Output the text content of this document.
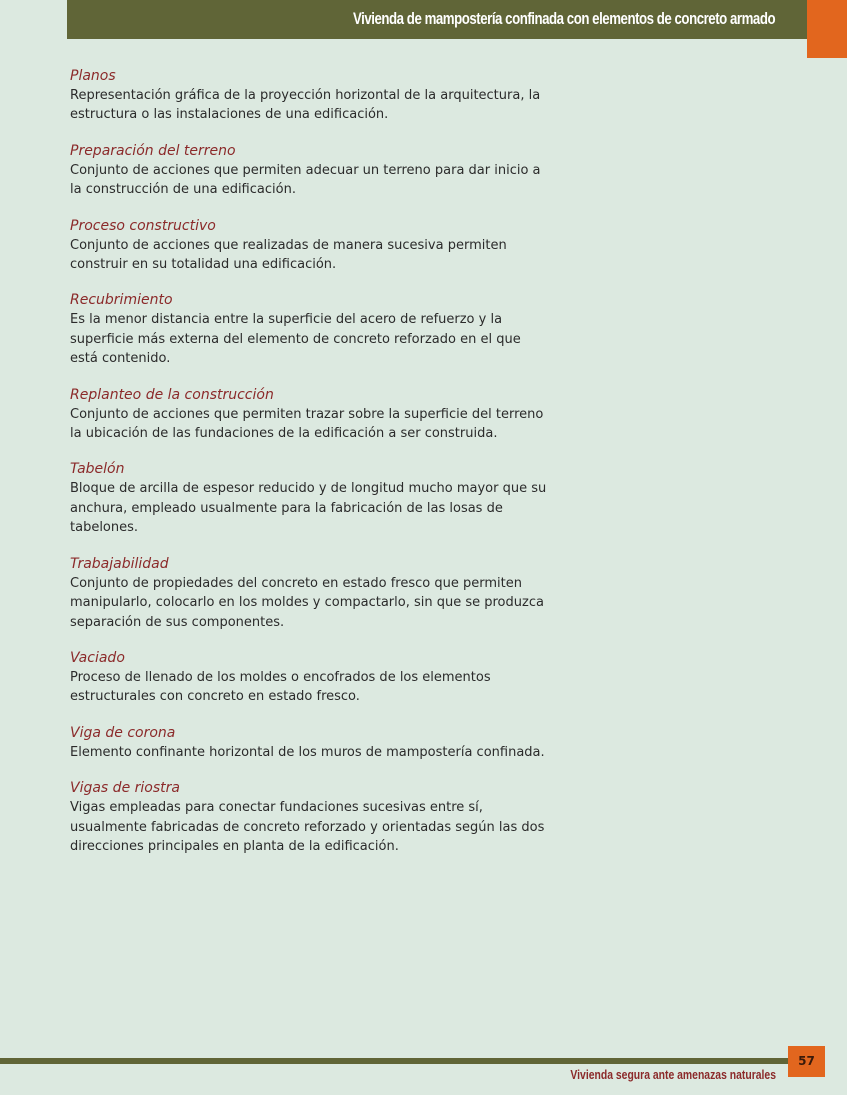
Vivienda de mampostería confinada con elementos de concreto armado

Planos

Representación gráfica de la proyección horizontal de la arquitectura, la estructura o las instalaciones de una edificación.

Preparación del terreno

Conjunto de acciones que permiten adecuar un terreno para dar inicio a la construcción de una edificación.

Proceso constructivo

Conjunto de acciones que realizadas de manera sucesiva permiten construir en su totalidad una edificación.

Recubrimiento

Es la menor distancia entre la superficie del acero de refuerzo y la superficie más externa del elemento de concreto reforzado en el que está contenido.

Replanteo de la construcción

Conjunto de acciones que permiten trazar sobre la superficie del terreno la ubicación de las fundaciones de la edificación a ser construida.

Tabelón

Bloque de arcilla de espesor reducido y de longitud mucho mayor que su anchura, empleado usualmente para la fabricación de las losas de tabelones.

Trabajabilidad

Conjunto de propiedades del concreto en estado fresco que permiten manipularlo, colocarlo en los moldes y compactarlo, sin que se produzca separación de sus componentes.

Vaciado

Proceso de llenado de los moldes o encofrados de los elementos estructurales con concreto en estado fresco.

Viga de corona

Elemento confinante horizontal de los muros de mampostería confinada.

Vigas de riostra

Vigas empleadas para conectar fundaciones sucesivas entre sí, usualmente fabricadas de concreto reforzado y orientadas según las dos direcciones principales en planta de la edificación.

Vivienda segura ante amenazas naturales
57
